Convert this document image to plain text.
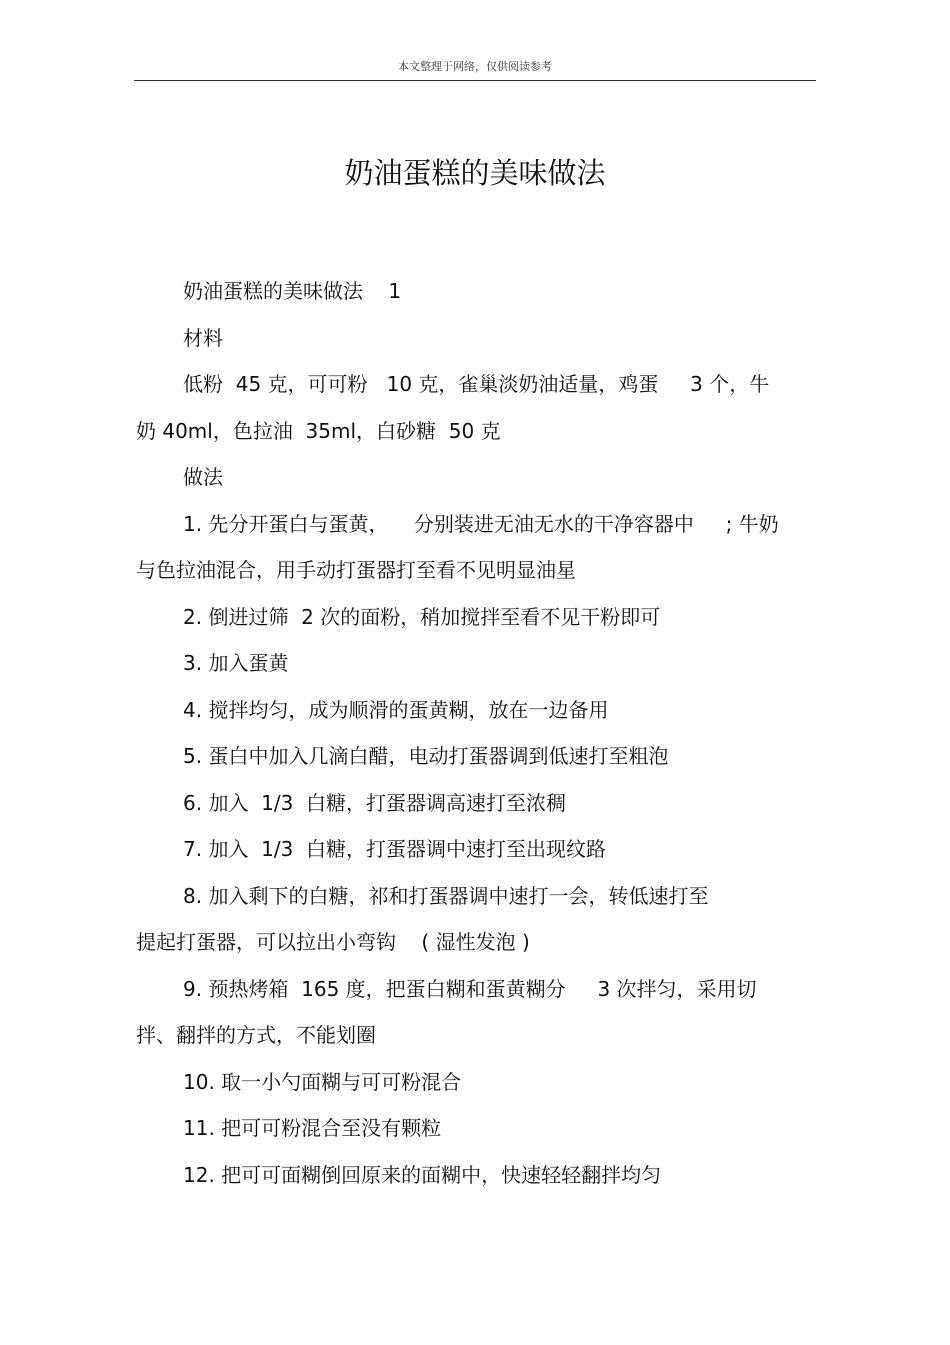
本文整理于网络，仅供阅读参考
奶油蛋糕的美味做法
奶油蛋糕的美味做法    1
材料
低粉  45 克，可可粉   10 克，雀巢淡奶油适量，鸡蛋     3 个，牛
奶 40ml，色拉油  35ml，白砂糖  50 克
做法
1. 先分开蛋白与蛋黄，    分别装进无油无水的干净容器中     ; 牛奶
与色拉油混合，用手动打蛋器打至看不见明显油星
2. 倒进过筛  2 次的面粉，稍加搅拌至看不见干粉即可
3. 加入蛋黄
4. 搅拌均匀，成为顺滑的蛋黄糊，放在一边备用
5. 蛋白中加入几滴白醋，电动打蛋器调到低速打至粗泡
6. 加入  1/3  白糖，打蛋器调高速打至浓稠
7. 加入  1/3  白糖，打蛋器调中速打至出现纹路
8. 加入剩下的白糖，祁和打蛋器调中速打一会，转低速打至
提起打蛋器，可以拉出小弯钩    ( 湿性发泡 )
9. 预热烤箱  165 度，把蛋白糊和蛋黄糊分     3 次拌匀，采用切
拌、翻拌的方式，不能划圈
10. 取一小勺面糊与可可粉混合
11. 把可可粉混合至没有颗粒
12. 把可可面糊倒回原来的面糊中，快速轻轻翻拌均匀
